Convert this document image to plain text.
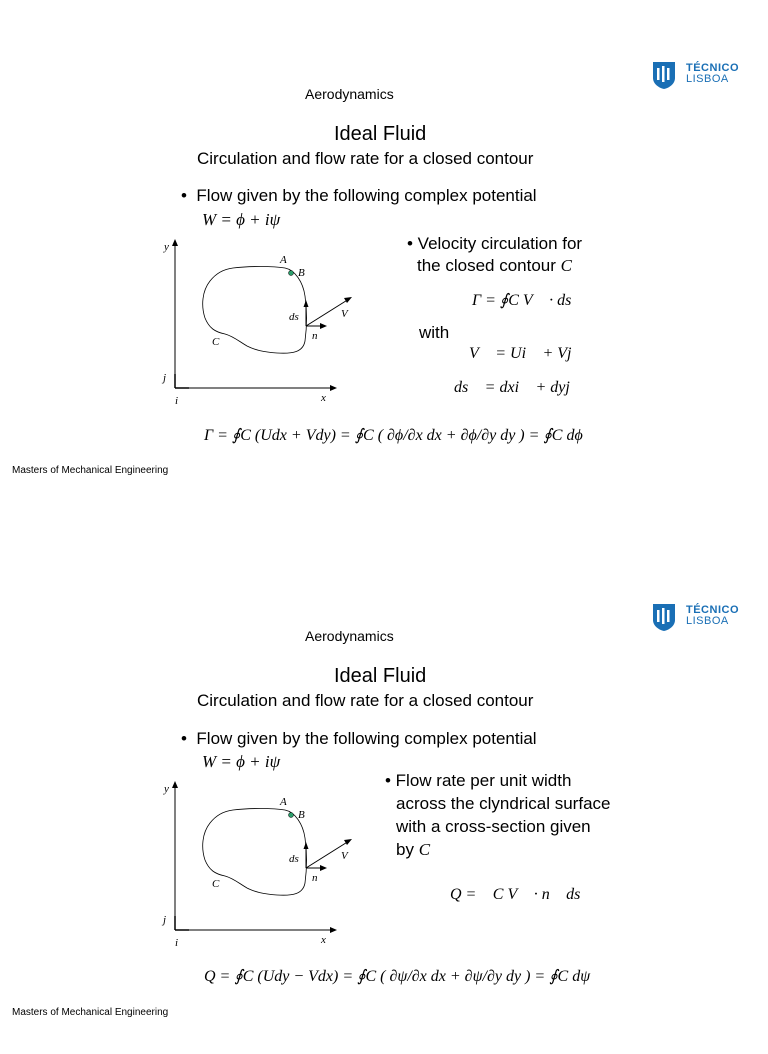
TÉCNICO
LISBOA
Aerodynamics
Ideal Fluid
Circulation and flow rate for a closed contour
•  Flow given by the following complex potential
W = ϕ + iψ
y
x
j⃗
i⃗
A
B
C
ds⃗
n⃗
V⃗
• Velocity circulation for
the closed contour C
Γ = ∮C V⃗ · ds⃗
with
V⃗ = Ui⃗ + Vj⃗
ds⃗ = dxi⃗ + dyj⃗
Γ = ∮C (Udx + Vdy) = ∮C ( ∂ϕ/∂x dx + ∂ϕ/∂y dy ) = ∮C dϕ
Masters of Mechanical Engineering
TÉCNICO
LISBOA
Aerodynamics
Ideal Fluid
Circulation and flow rate for a closed contour
•  Flow given by the following complex potential
W = ϕ + iψ
y
x
j⃗
i⃗
A
B
C
ds⃗
n⃗
V⃗
• Flow rate per unit width
across the clyndrical surface
with a cross-section given
by C
Q = ∮C V⃗ · n⃗ ds
Q = ∮C (Udy − Vdx) = ∮C ( ∂ψ/∂x dx + ∂ψ/∂y dy ) = ∮C dψ
Masters of Mechanical Engineering
